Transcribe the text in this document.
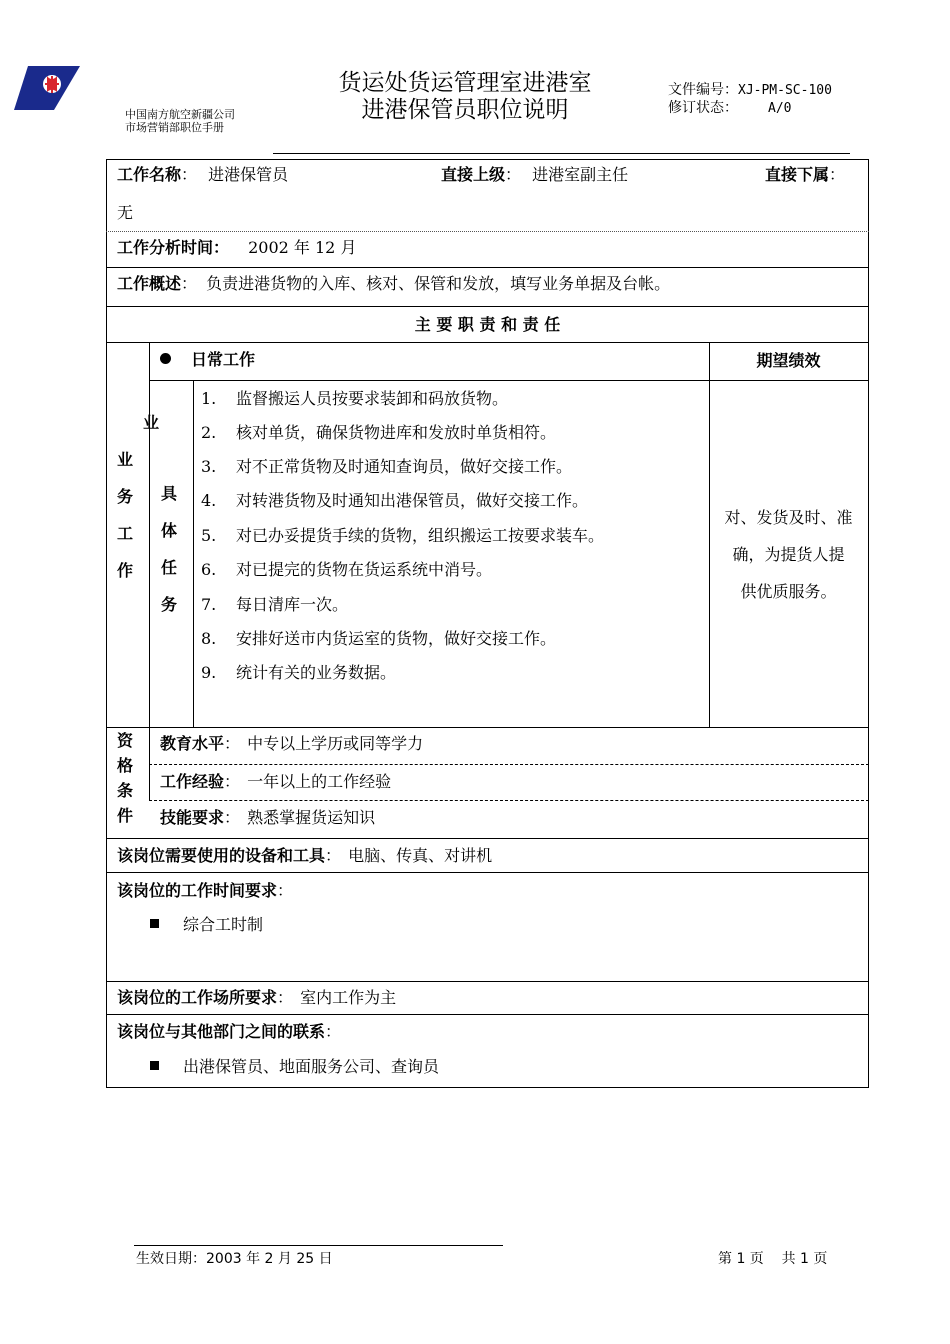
中国南方航空新疆公司
市场营销部职位手册
货运处货运管理室进港室
进港保管员职位说明
文件编号：XJ-PM-SC-100
修订状态： A/0
工作名称： 进港保管员	直接上级： 进港室副主任	直接下属：
无
工作分析时间： 2002 年 12 月
工作概述： 负责进港货物的入库、核对、保管和发放，填写业务单据及台帐。
主 要 职 责 和 责 任
日常工作	期望绩效
业
业务工作
具体任务
1. 监督搬运人员按要求装卸和码放货物。
2. 核对单货，确保货物进库和发放时单货相符。
3. 对不正常货物及时通知查询员，做好交接工作。
4. 对转港货物及时通知出港保管员，做好交接工作。
5. 对已办妥提货手续的货物，组织搬运工按要求装车。
6. 对已提完的货物在货运系统中消号。
7. 每日清库一次。
8. 安排好送市内货运室的货物，做好交接工作。
9. 统计有关的业务数据。
对、发货及时、准
确，为提货人提
供优质服务。
资格条件
教育水平： 中专以上学历或同等学力
工作经验： 一年以上的工作经验
技能要求： 熟悉掌握货运知识
该岗位需要使用的设备和工具： 电脑、传真、对讲机
该岗位的工作时间要求：
综合工时制
该岗位的工作场所要求： 室内工作为主
该岗位与其他部门之间的联系：
出港保管员、地面服务公司、查询员
生效日期：2003 年 2 月 25 日	第 1 页    共 1 页
